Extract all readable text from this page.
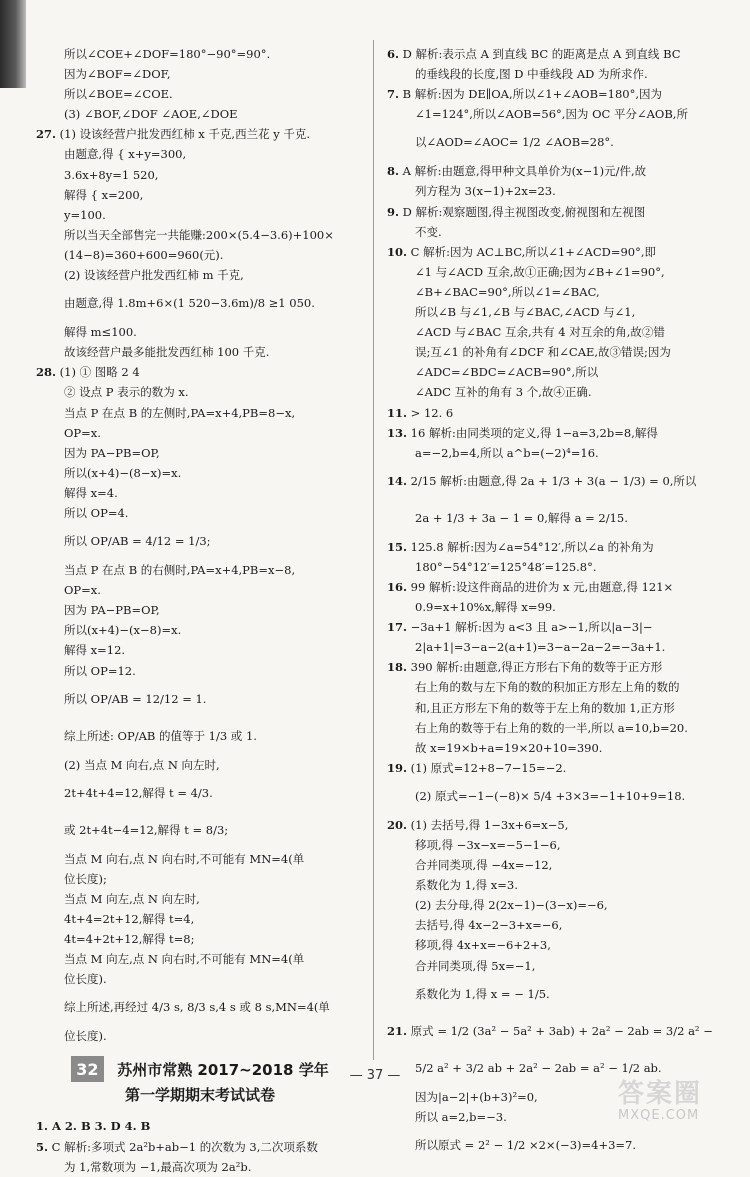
所以∠COE+∠DOF=180°−90°=90°.
因为∠BOF=∠DOF,
所以∠BOE=∠COE.
(3) ∠BOF,∠DOF ∠AOE,∠DOE
27. (1) 设该经营户批发西红柿 x 千克,西兰花 y 千克.
由题意,得 { x+y=300,
3.6x+8y=1 520,
解得 { x=200,
y=100.
所以当天全部售完一共能赚:200×(5.4−3.6)+100×
(14−8)=360+600=960(元).
(2) 设该经营户批发西红柿 m 千克,
由题意,得 1.8m+6×(1 520−3.6m)/8 ≥1 050.
解得 m≤100.
故该经营户最多能批发西红柿 100 千克.
28. (1) ① 图略 2 4
② 设点 P 表示的数为 x.
当点 P 在点 B 的左侧时,PA=x+4,PB=8−x,
OP=x.
因为 PA−PB=OP,
所以(x+4)−(8−x)=x.
解得 x=4.
所以 OP=4.
所以 OP/AB = 4/12 = 1/3;
当点 P 在点 B 的右侧时,PA=x+4,PB=x−8,
OP=x.
因为 PA−PB=OP,
所以(x+4)−(x−8)=x.
解得 x=12.
所以 OP=12.
所以 OP/AB = 12/12 = 1.
综上所述: OP/AB 的值等于 1/3 或 1.
(2) 当点 M 向右,点 N 向左时,
2t+4t+4=12,解得 t = 4/3.
或 2t+4t−4=12,解得 t = 8/3;
当点 M 向右,点 N 向右时,不可能有 MN=4(单
位长度);
当点 M 向左,点 N 向左时,
4t+4=2t+12,解得 t=4,
4t=4+2t+12,解得 t=8;
当点 M 向左,点 N 向右时,不可能有 MN=4(单
位长度).
综上所述,再经过 4/3 s, 8/3 s,4 s 或 8 s,MN=4(单
位长度).
32 苏州市常熟 2017~2018 学年
第一学期期末考试试卷
1. A 2. B 3. D 4. B
5. C 解析:多项式 2a²b+ab−1 的次数为 3,二次项系数
为 1,常数项为 −1,最高次项为 2a²b.
6. D 解析:表示点 A 到直线 BC 的距离是点 A 到直线 BC
的垂线段的长度,图 D 中垂线段 AD 为所求作.
7. B 解析:因为 DE∥OA,所以∠1+∠AOB=180°,因为
∠1=124°,所以∠AOB=56°,因为 OC 平分∠AOB,所
以∠AOD=∠AOC= 1/2 ∠AOB=28°.
8. A 解析:由题意,得甲种文具单价为(x−1)元/件,故
列方程为 3(x−1)+2x=23.
9. D 解析:观察题图,得主视图改变,俯视图和左视图
不变.
10. C 解析:因为 AC⊥BC,所以∠1+∠ACD=90°,即
∠1 与∠ACD 互余,故①正确;因为∠B+∠1=90°,
∠B+∠BAC=90°,所以∠1=∠BAC,
所以∠B 与∠1,∠B 与∠BAC,∠ACD 与∠1,
∠ACD 与∠BAC 互余,共有 4 对互余的角,故②错
误;互∠1 的补角有∠DCF 和∠CAE,故③错误;因为
∠ADC=∠BDC=∠ACB=90°,所以
∠ADC 互补的角有 3 个,故④正确.
11. > 12. 6
13. 16 解析:由同类项的定义,得 1−a=3,2b=8,解得
a=−2,b=4,所以 a^b=(−2)⁴=16.
14. 2/15 解析:由题意,得 2a + 1/3 + 3(a − 1/3) = 0,所以
2a + 1/3 + 3a − 1 = 0,解得 a = 2/15.
15. 125.8 解析:因为∠a=54°12′,所以∠a 的补角为
180°−54°12′=125°48′=125.8°.
16. 99 解析:设这件商品的进价为 x 元,由题意,得 121×
0.9=x+10%x,解得 x=99.
17. −3a+1 解析:因为 a<3 且 a>−1,所以|a−3|−
2|a+1|=3−a−2(a+1)=3−a−2a−2=−3a+1.
18. 390 解析:由题意,得正方形右下角的数等于正方形
右上角的数与左下角的数的积加正方形左上角的数的
和,且正方形左下角的数等于左上角的数加 1,正方形
右上角的数等于右上角的数的一半,所以 a=10,b=20.
故 x=19×b+a=19×20+10=390.
19. (1) 原式=12+8−7−15=−2.
(2) 原式=−1−(−8)× 5/4 +3×3=−1+10+9=18.
20. (1) 去括号,得 1−3x+6=x−5,
移项,得 −3x−x=−5−1−6,
合并同类项,得 −4x=−12,
系数化为 1,得 x=3.
(2) 去分母,得 2(2x−1)−(3−x)=−6,
去括号,得 4x−2−3+x=−6,
移项,得 4x+x=−6+2+3,
合并同类项,得 5x=−1,
系数化为 1,得 x = − 1/5.
21. 原式 = 1/2 (3a² − 5a² + 3ab) + 2a² − 2ab = 3/2 a² −
5/2 a² + 3/2 ab + 2a² − 2ab = a² − 1/2 ab.
因为|a−2|+(b+3)²=0,
所以 a=2,b=−3.
所以原式 = 2² − 1/2 ×2×(−3)=4+3=7.
— 37 —
答案圈
MXQE.COM
